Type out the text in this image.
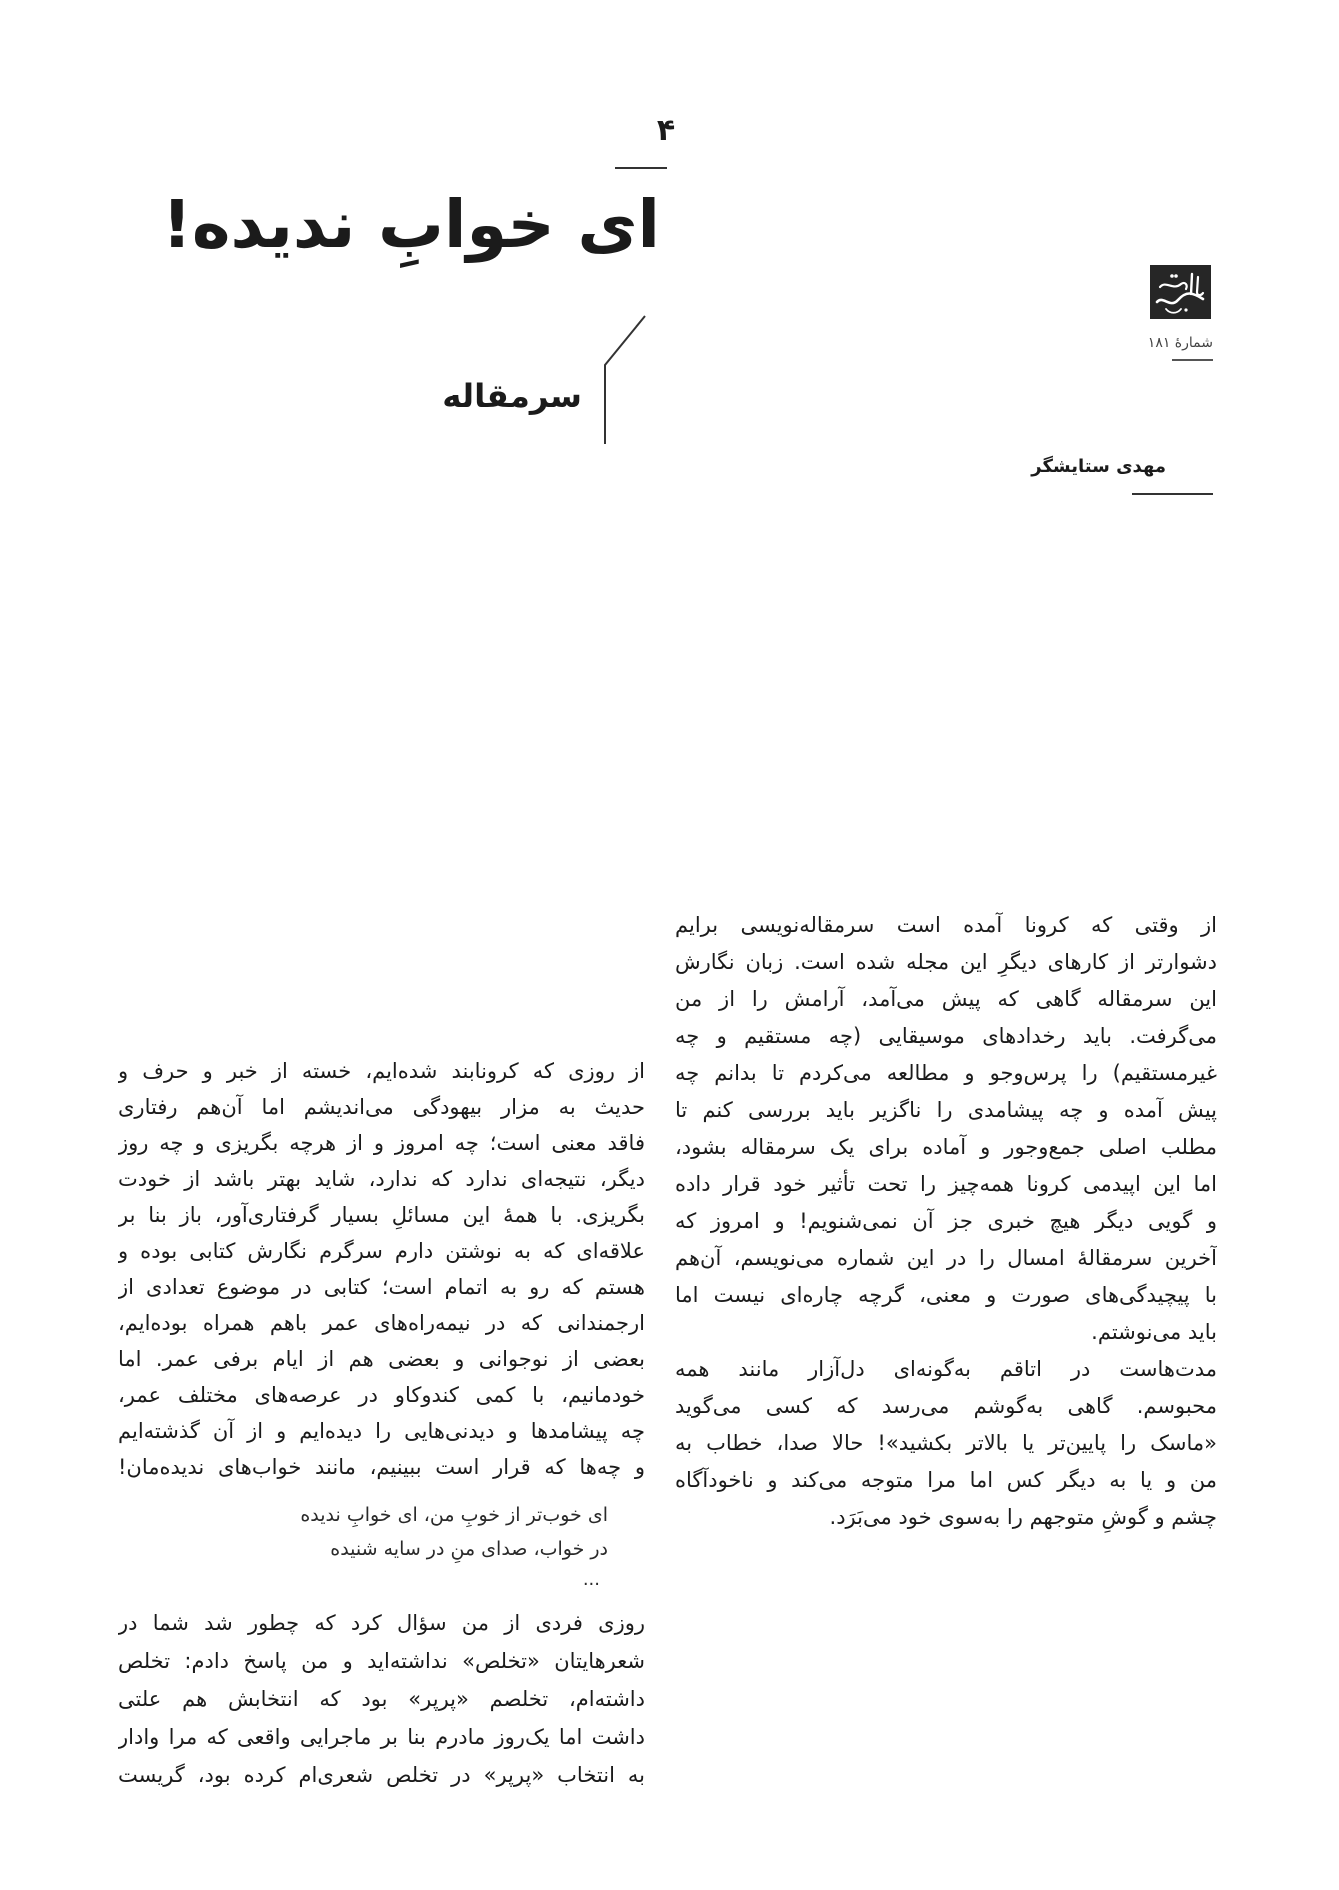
۴
ای خوابِ ندیده!
سرمقاله
شمارهٔ ۱۸۱
مهدی ستایشگر
از وقتی که کرونا آمده است سرمقاله‌نویسی برایم
دشوارتر از کارهای دیگرِ این مجله شده است. زبان نگارش
این سرمقاله گاهی که پیش می‌آمد، آرامش را از من
می‌گرفت. باید رخدادهای موسیقایی (چه مستقیم و چه
غیرمستقیم) را پرس‌وجو و مطالعه می‌کردم تا بدانم چه
پیش آمده و چه پیشامدی را ناگزیر باید بررسی کنم تا
مطلب اصلی جمع‌وجور و آماده برای یک سرمقاله بشود،
اما این اپیدمی کرونا همه‌چیز را تحت تأثیر خود قرار داده
و گویی دیگر هیچ خبری جز آن نمی‌شنویم! و امروز که
آخرین سرمقالهٔ امسال را در این شماره می‌نویسم، آن‌هم
با پیچیدگی‌های صورت و معنی، گرچه چاره‌ای نیست اما
باید می‌نوشتم.
مدت‌هاست در اتاقم به‌گونه‌ای دل‌آزار مانند همه
محبوسم. گاهی به‌گوشم می‌رسد که کسی می‌گوید
«ماسک را پایین‌تر یا بالاتر بکشید»! حالا صدا، خطاب به
من و یا به دیگر کس اما مرا متوجه می‌کند و ناخودآگاه
چشم و گوشِ متوجهم را به‌سوی خود می‌بَرَد.
از روزی که کرونابند شده‌ایم، خسته از خبر و حرف و
حدیث به مزار بیهودگی می‌اندیشم اما آن‌هم رفتاری
فاقد معنی است؛ چه امروز و از هرچه بگریزی و چه روز
دیگر، نتیجه‌ای ندارد که ندارد، شاید بهتر باشد از خودت
بگریزی. با همهٔ این مسائلِ بسیار گرفتاری‌آور، باز بنا بر
علاقه‌ای که به نوشتن دارم سرگرم نگارش کتابی بوده و
هستم که رو به اتمام است؛ کتابی در موضوع تعدادی از
ارجمندانی که در نیمه‌راه‌های عمر باهم همراه بوده‌ایم،
بعضی از نوجوانی و بعضی هم از ایام برفی عمر. اما
خودمانیم، با کمی کندوکاو در عرصه‌های مختلف عمر،
چه پیشامدها و دیدنی‌هایی را دیده‌ایم و از آن گذشته‌ایم
و چه‌ها که قرار است ببینیم، مانند خواب‌های ندیده‌مان!
ای خوب‌تر از خوبِ من، ای خوابِ ندیده
در خواب، صدای منِ در سایه شنیده
...
روزی فردی از من سؤال کرد که چطور شد شما در
شعرهایتان «تخلص» نداشته‌اید و من پاسخ دادم: تخلص
داشته‌ام، تخلصم «پرپر» بود که انتخابش هم علتی
داشت اما یک‌روز مادرم بنا بر ماجرایی واقعی که مرا وادار
به انتخاب «پرپر» در تخلص شعری‌ام کرده بود، گریست
